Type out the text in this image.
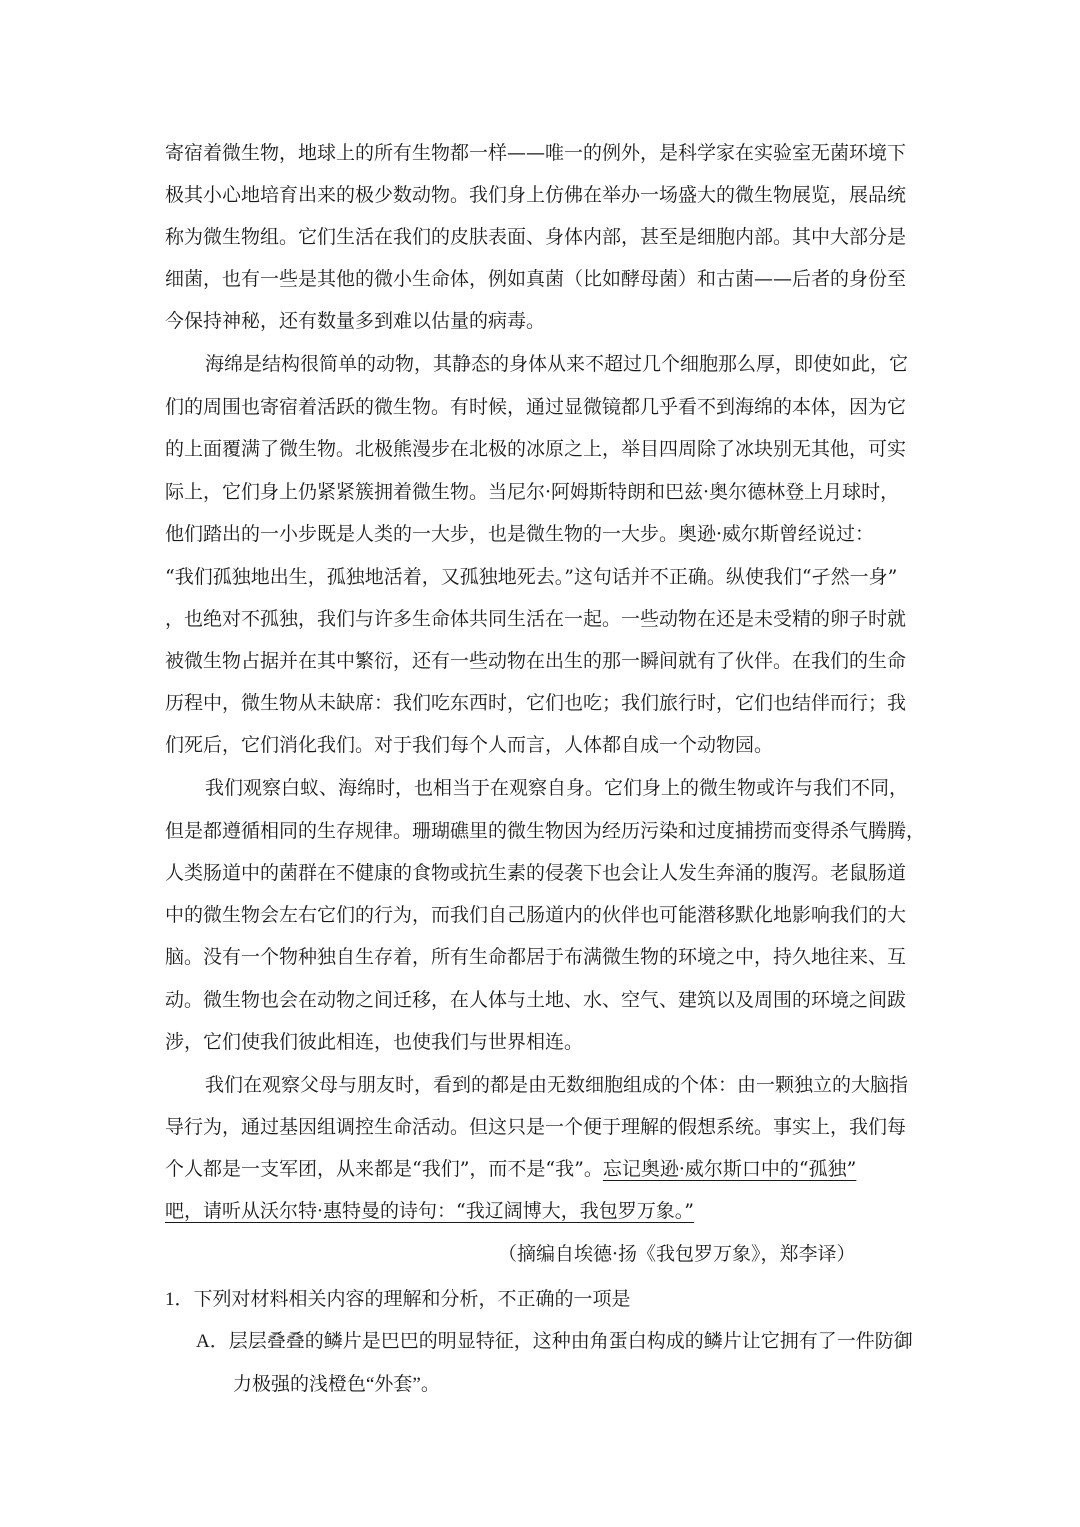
寄宿着微生物，地球上的所有生物都一样——唯一的例外，是科学家在实验室无菌环境下
极其小心地培育出来的极少数动物。我们身上仿佛在举办一场盛大的微生物展览，展品统
称为微生物组。它们生活在我们的皮肤表面、身体内部，甚至是细胞内部。其中大部分是
细菌，也有一些是其他的微小生命体，例如真菌（比如酵母菌）和古菌——后者的身份至
今保持神秘，还有数量多到难以估量的病毒。
海绵是结构很简单的动物，其静态的身体从来不超过几个细胞那么厚，即使如此，它
们的周围也寄宿着活跃的微生物。有时候，通过显微镜都几乎看不到海绵的本体，因为它
的上面覆满了微生物。北极熊漫步在北极的冰原之上，举目四周除了冰块别无其他，可实
际上，它们身上仍紧紧簇拥着微生物。当尼尔·阿姆斯特朗和巴兹·奥尔德林登上月球时，
他们踏出的一小步既是人类的一大步，也是微生物的一大步。奥逊·威尔斯曾经说过：
“我们孤独地出生，孤独地活着，又孤独地死去。”这句话并不正确。纵使我们“孑然一身”
，也绝对不孤独，我们与许多生命体共同生活在一起。一些动物在还是未受精的卵子时就
被微生物占据并在其中繁衍，还有一些动物在出生的那一瞬间就有了伙伴。在我们的生命
历程中，微生物从未缺席：我们吃东西时，它们也吃；我们旅行时，它们也结伴而行；我
们死后，它们消化我们。对于我们每个人而言，人体都自成一个动物园。
我们观察白蚁、海绵时，也相当于在观察自身。它们身上的微生物或许与我们不同，
但是都遵循相同的生存规律。珊瑚礁里的微生物因为经历污染和过度捕捞而变得杀气腾腾，
人类肠道中的菌群在不健康的食物或抗生素的侵袭下也会让人发生奔涌的腹泻。老鼠肠道
中的微生物会左右它们的行为，而我们自己肠道内的伙伴也可能潜移默化地影响我们的大
脑。没有一个物种独自生存着，所有生命都居于布满微生物的环境之中，持久地往来、互
动。微生物也会在动物之间迁移，在人体与土地、水、空气、建筑以及周围的环境之间跋
涉，它们使我们彼此相连，也使我们与世界相连。
我们在观察父母与朋友时，看到的都是由无数细胞组成的个体：由一颗独立的大脑指
导行为，通过基因组调控生命活动。但这只是一个便于理解的假想系统。事实上，我们每
个人都是一支军团，从来都是“我们”，而不是“我”。忘记奥逊·威尔斯口中的“孤独”
吧，请听从沃尔特·惠特曼的诗句：“我辽阔博大，我包罗万象。”
（摘编自埃德·扬《我包罗万象》，郑李译）
1．下列对材料相关内容的理解和分析，不正确的一项是
A．层层叠叠的鳞片是巴巴的明显特征，这种由角蛋白构成的鳞片让它拥有了一件防御
力极强的浅橙色“外套”。
